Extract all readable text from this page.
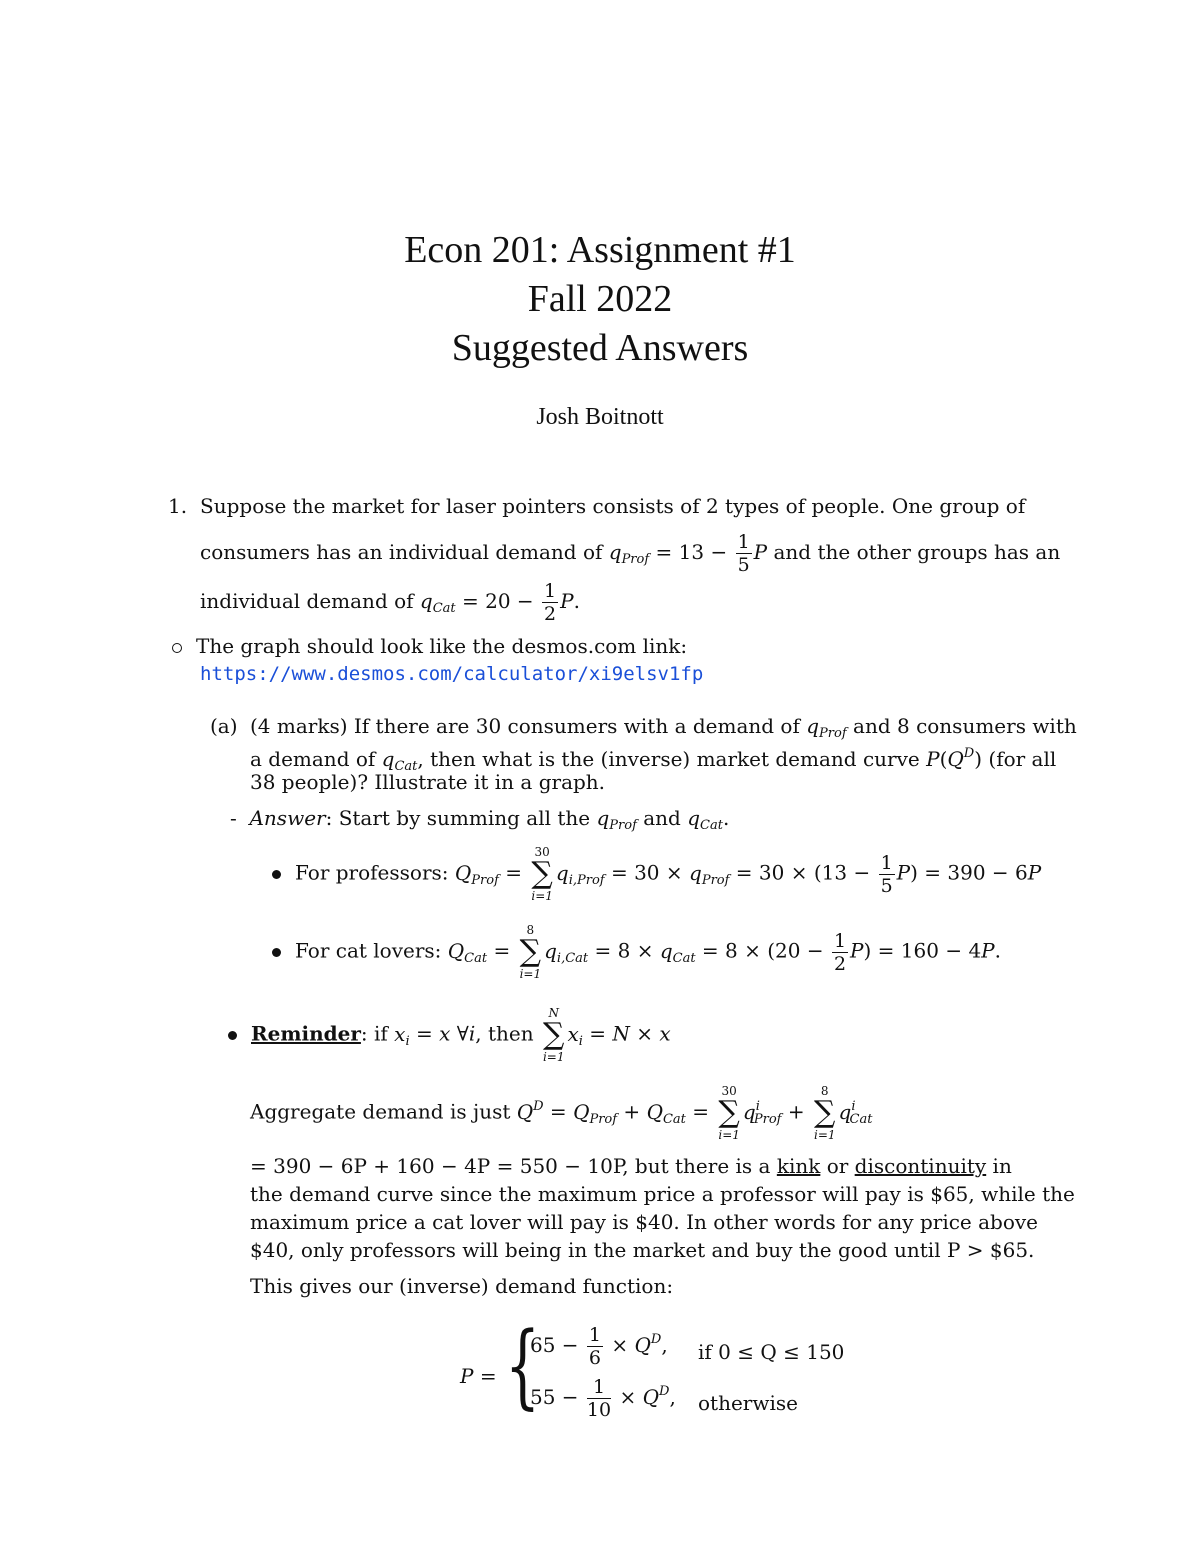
Econ 201: Assignment #1
Fall 2022
Suggested Answers
Josh Boitnott
1. Suppose the market for laser pointers consists of 2 types of people. One group of
consumers has an individual demand of $q_{Prof} = 13 - \frac{1}{5}$ P and the other groups has an
individual demand of $q_{Cat} = 20 - \frac{1}{2} P$.
The graph should look like the desmos.com link:
https://www.desmos.com/calculator/xi9elsv1fp
(a) (4 marks) If there are 30 consumers with a demand of $q_{Prof}$ and 8 consumers with
a demand of $q_{Cat}$, then what is the (inverse) market demand curve $P(Q^D)$ (for all
38 people)? Illustrate it in a graph.
- Answer: Start by summing all the $q_{Prof}$ and $q_{Cat}$.
For professors: $Q_{Prof}$ =
30
∑
i=1
$q_{i,Prof} = 30 \times q_{Prof} = 30 \times (13 - \frac{1}{5} P) = 390 - 6P$
For cat lovers: $Q_{Cat}$ =
8
∑
i=1
$q_{i,Cat} = 8 \times q_{Cat} = 8 \times (20 - \frac{1}{2} P) = 160 - 4P$.
Reminder: if $x_i = x$ ∀i, then
N
∑
i=1
$x_i = N \times x$
Aggregate demand is just $Q^D = Q_{Prof} + Q_{Cat}$ =
30
∑
i=1
$q^i_{Prof}$ +
8
∑
i=1
$q^i_{Cat}$
= 390 − 6P + 160 − 4P = 550 − 10P, but there is a kink or discontinuity in
the demand curve since the maximum price a professor will pay is $65, while the
maximum price a cat lover will pay is $40. In other words for any price above
$40, only professors will being in the market and buy the good until P > $65.
This gives our (inverse) demand function:
P = {
$65 - \frac{1}{6} \times Q^D$, if 0 ≤ Q ≤ 150
$55 - \frac{1}{10} \times Q^D$, otherwise
